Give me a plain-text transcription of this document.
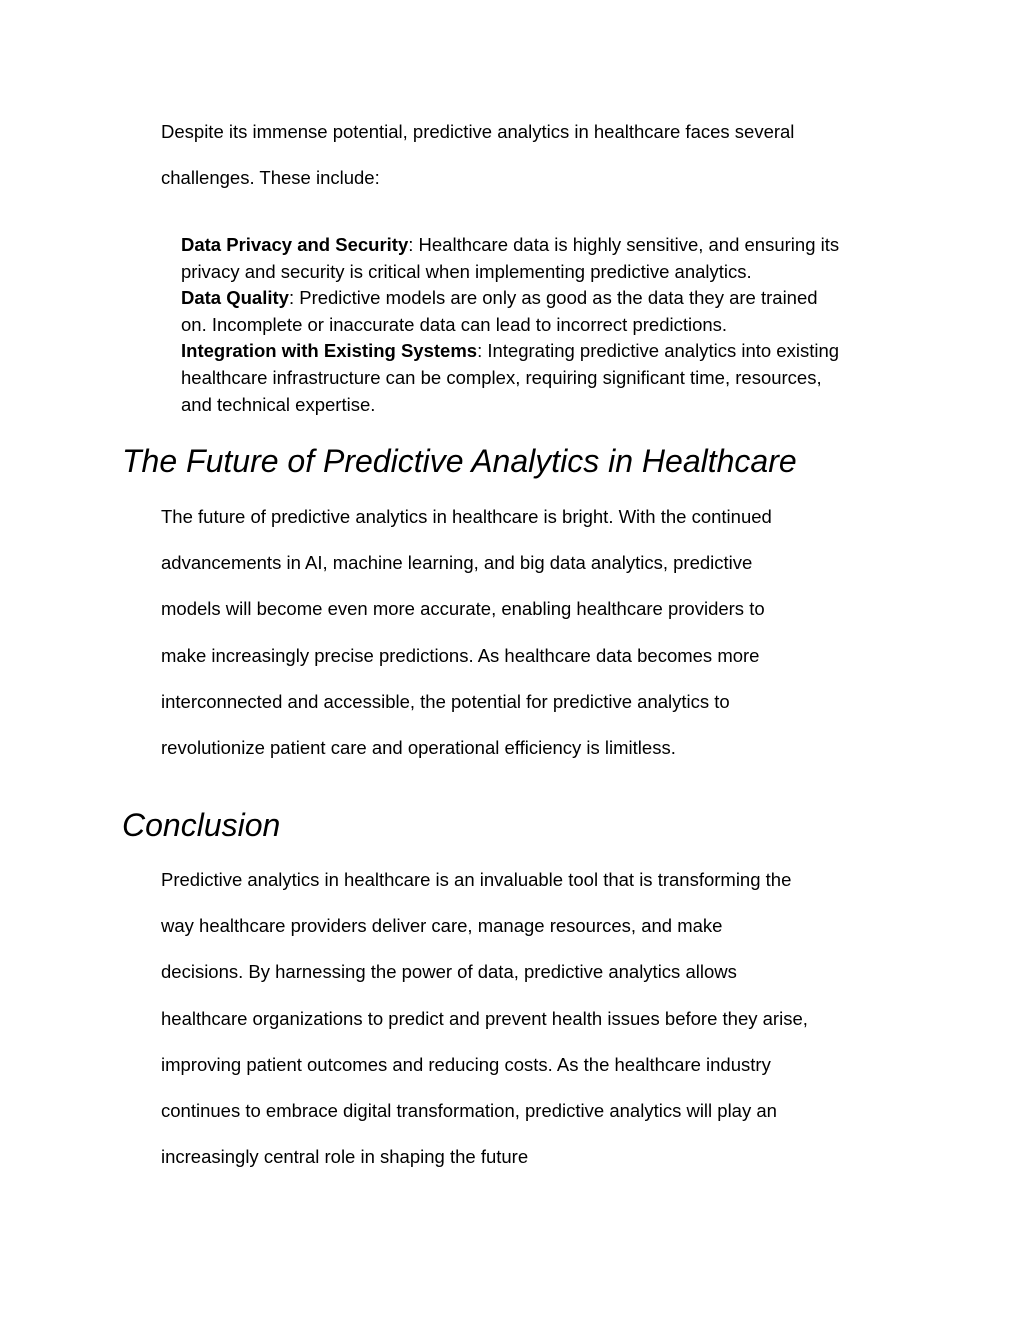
Despite its immense potential, predictive analytics in healthcare faces several
challenges. These include:

Data Privacy and Security: Healthcare data is highly sensitive, and ensuring its
privacy and security is critical when implementing predictive analytics.
Data Quality: Predictive models are only as good as the data they are trained
on. Incomplete or inaccurate data can lead to incorrect predictions.
Integration with Existing Systems: Integrating predictive analytics into existing
healthcare infrastructure can be complex, requiring significant time, resources,
and technical expertise.
The Future of Predictive Analytics in Healthcare

The future of predictive analytics in healthcare is bright. With the continued
advancements in AI, machine learning, and big data analytics, predictive
models will become even more accurate, enabling healthcare providers to
make increasingly precise predictions. As healthcare data becomes more
interconnected and accessible, the potential for predictive analytics to
revolutionize patient care and operational efficiency is limitless.

Conclusion

Predictive analytics in healthcare is an invaluable tool that is transforming the
way healthcare providers deliver care, manage resources, and make
decisions. By harnessing the power of data, predictive analytics allows
healthcare organizations to predict and prevent health issues before they arise,
improving patient outcomes and reducing costs. As the healthcare industry
continues to embrace digital transformation, predictive analytics will play an
increasingly central role in shaping the future
